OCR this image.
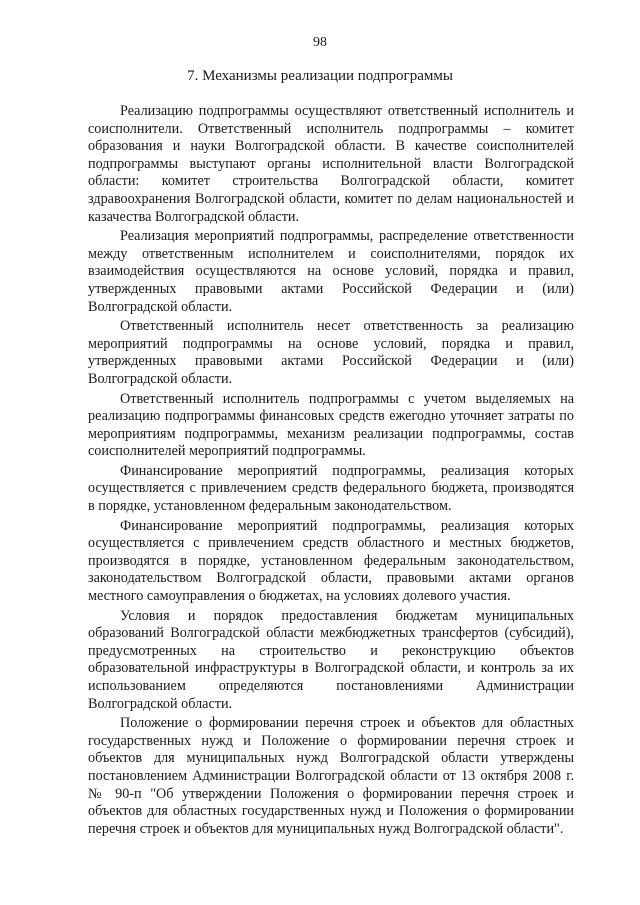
98
7. Механизмы реализации подпрограммы

Реализацию подпрограммы осуществляют ответственный исполнитель и соисполнители. Ответственный исполнитель подпрограммы – комитет образования и науки Волгоградской области. В качестве соисполнителей подпрограммы выступают органы исполнительной власти Волгоградской области: комитет строительства Волгоградской области, комитет здравоохранения Волгоградской области, комитет по делам национальностей и казачества Волгоградской области.

Реализация мероприятий подпрограммы, распределение ответственности между ответственным исполнителем и соисполнителями, порядок их взаимодействия осуществляются на основе условий, порядка и правил, утвержденных правовыми актами Российской Федерации и (или) Волгоградской области.

Ответственный исполнитель несет ответственность за реализацию мероприятий подпрограммы на основе условий, порядка и правил, утвержденных правовыми актами Российской Федерации и (или) Волгоградской области.

Ответственный исполнитель подпрограммы с учетом выделяемых на реализацию подпрограммы финансовых средств ежегодно уточняет затраты по мероприятиям подпрограммы, механизм реализации подпрограммы, состав соисполнителей мероприятий подпрограммы.

Финансирование мероприятий подпрограммы, реализация которых осуществляется с привлечением средств федерального бюджета, производятся в порядке, установленном федеральным законодательством.

Финансирование мероприятий подпрограммы, реализация которых осуществляется с привлечением средств областного и местных бюджетов, производятся в порядке, установленном федеральным законодательством, законодательством Волгоградской области, правовыми актами органов местного самоуправления о бюджетах, на условиях долевого участия.

Условия и порядок предоставления бюджетам муниципальных образований Волгоградской области межбюджетных трансфертов (субсидий), предусмотренных на строительство и реконструкцию объектов образовательной инфраструктуры в Волгоградской области, и контроль за их использованием определяются постановлениями Администрации Волгоградской области.

Положение о формировании перечня строек и объектов для областных государственных нужд и Положение о формировании перечня строек и объектов для муниципальных нужд Волгоградской области утверждены постановлением Администрации Волгоградской области от 13 октября 2008 г. № 90-п "Об утверждении Положения о формировании перечня строек и объектов для областных государственных нужд и Положения о формировании перечня строек и объектов для муниципальных нужд Волгоградской области".
